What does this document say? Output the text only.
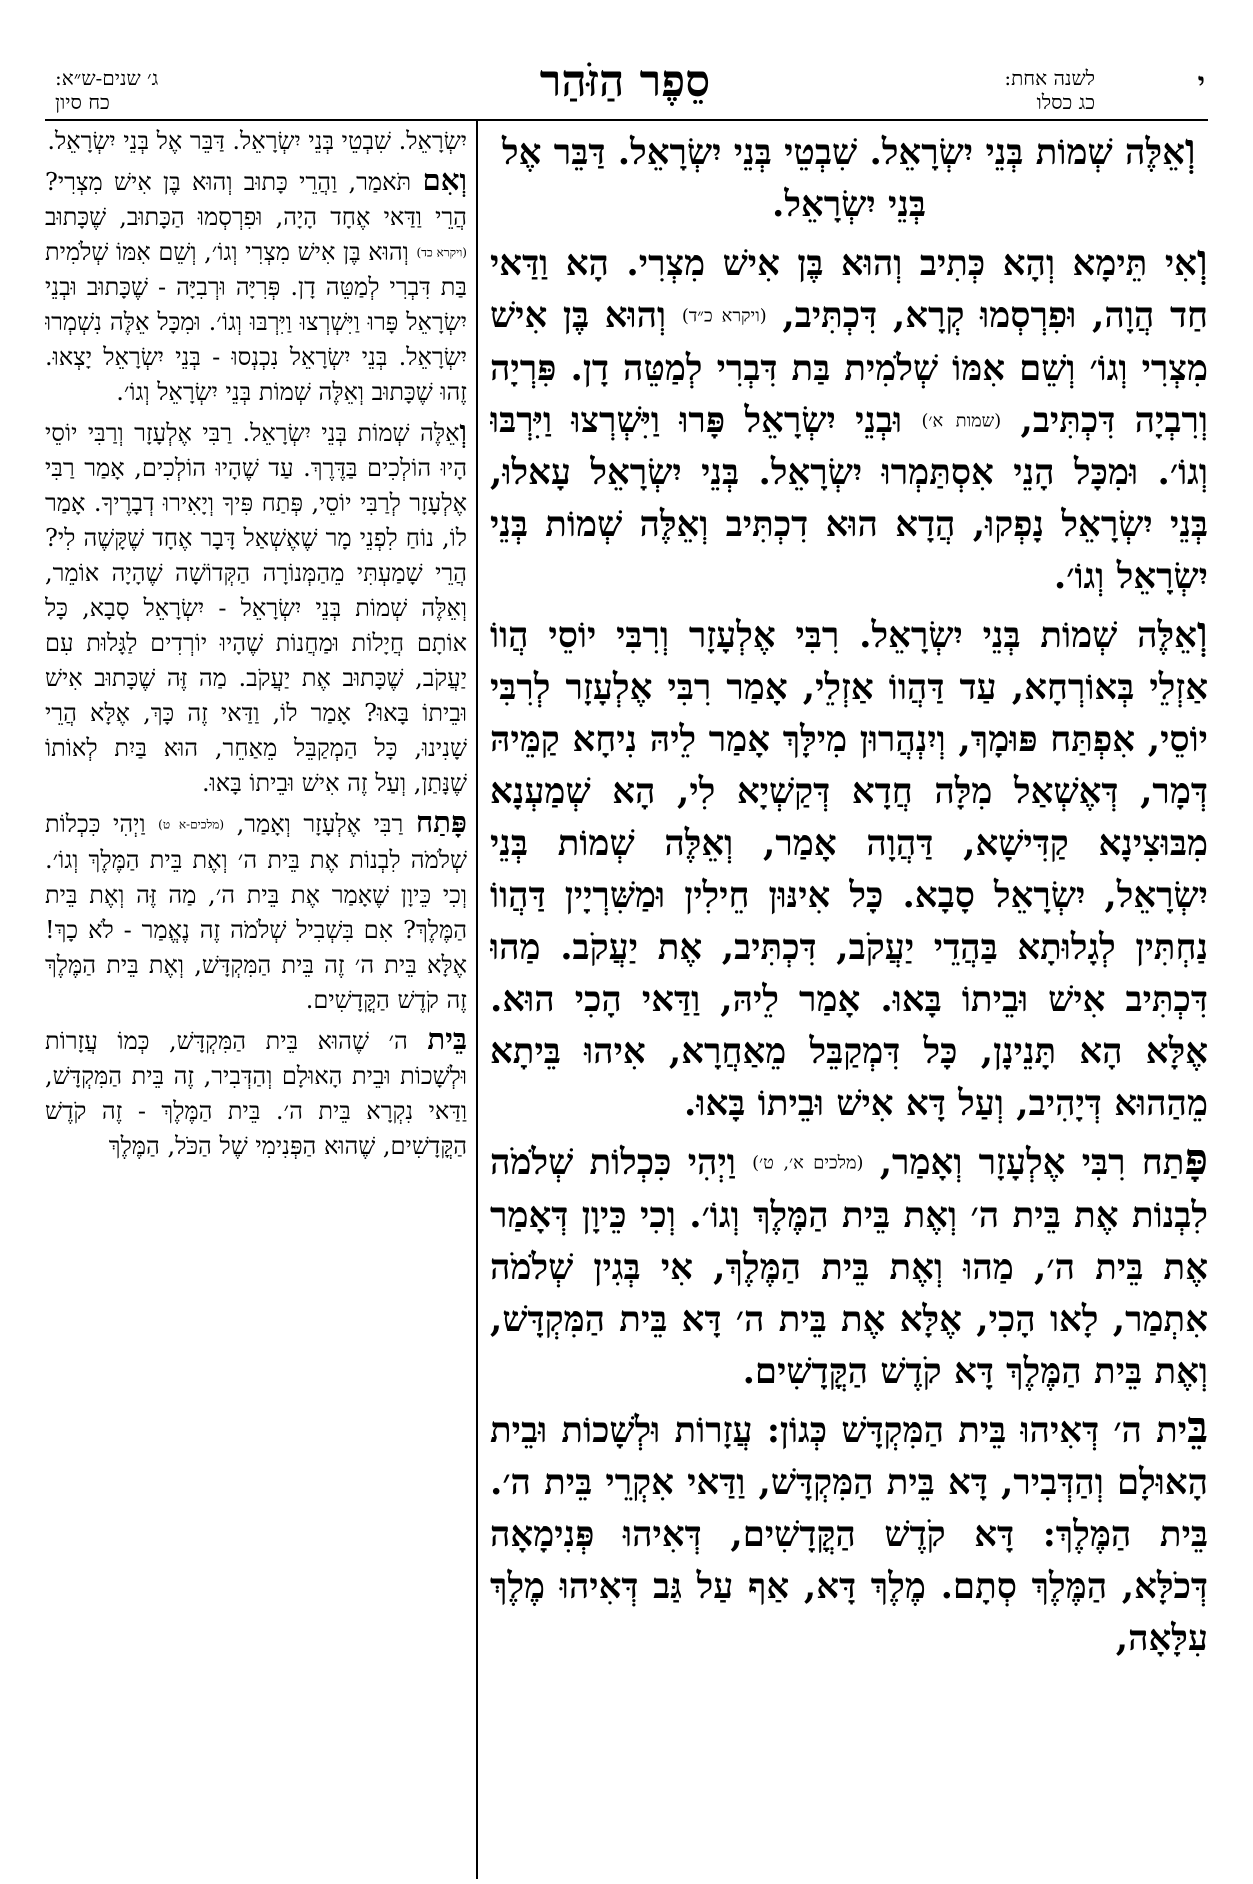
י
לשנה אחת:
כג כסלו
סֵפֶר הַזֹּהַר
ג׳ שנים-ש״א:
כח סיון

וְאֵלֶּה שְׁמוֹת בְּנֵי יִשְׂרָאֵל. שִׁבְטֵי בְּנֵי יִשְׂרָאֵל. דַּבֵּר אֶל בְּנֵי יִשְׂרָאֵל.

וְאִי תֵּימָא וְהָא כְּתִיב וְהוּא בֶּן אִישׁ מִצְרִי. הָא וַדַּאי חַד הֲוָה, וּפִרְסְמוּ קְרָא, דִּכְתִּיב, (ויקרא כ״ד) וְהוּא בֶּן אִישׁ מִצְרִי וְגוֹ׳ וְשֵׁם אִמּוֹ שְׁלֹמִית בַּת דִּבְרִי לְמַטֵּה דָן. פִּרְיָה וְרִבְיָה דִּכְתִּיב, (שמות א׳) וּבְנֵי יִשְׂרָאֵל פָּרוּ וַיִּשְׁרְצוּ וַיִּרְבּוּ וְגוֹ׳. וּמִכָּל הָנֵי אִסְתַּמְרוּ יִשְׂרָאֵל. בְּנֵי יִשְׂרָאֵל עָאלוּ, בְּנֵי יִשְׂרָאֵל נָפְקוּ, הֲדָא הוּא דִכְתִּיב וְאֵלֶּה שְׁמוֹת בְּנֵי יִשְׂרָאֵל וְגוֹ׳.

וְאֵלֶּה שְׁמוֹת בְּנֵי יִשְׂרָאֵל. רִבִּי אֶלְעָזָר וְרִבִּי יוֹסֵי הֲווֹ אַזְלֵי בְּאוֹרְחָא, עַד דַּהֲווֹ אַזְלֵי, אָמַר רִבִּי אֶלְעָזָר לְרִבִּי יוֹסֵי, אִפְתַּח פּוּמָךְ, וְיִנְהֲרוּן מִילָּךְ אָמַר לֵיהּ נִיחָא קַמֵּיהּ דְּמָר, דְּאֶשְׁאַל מִלָּה חֲדָא דְּקַשְׁיָא לִי, הָא שְׁמַעְנָא מִבּוּצִינָא קַדִּישָׁא, דַּהֲוָה אָמַר, וְאֵלֶּה שְׁמוֹת בְּנֵי יִשְׂרָאֵל, יִשְׂרָאֵל סָבָא. כָּל אִינּוּן חֵילִין וּמַשִּׁרְיָין דַּהֲווֹ נַחְתִּין לְגָלוּתָא בַּהֲדֵי יַעֲקֹב, דִּכְתִּיב, אֶת יַעֲקֹב. מַהוּ דִּכְתִּיב אִישׁ וּבֵיתוֹ בָּאוּ. אָמַר לֵיהּ, וַדַּאי הָכִי הוּא. אֶלָּא הָא תָּנֵינָן, כָּל דִּמְקַבֵּל מֵאַחֲרָא, אִיהוּ בֵּיתָא מֵהַהוּא דְּיָהִיב, וְעַל דָּא אִישׁ וּבֵיתוֹ בָּאוּ.

פָּתַח רִבִּי אֶלְעָזָר וְאָמַר, (מלכים א׳, ט׳) וַיְהִי כִּכְלוֹת שְׁלֹמֹה לִבְנוֹת אֶת בֵּית ה׳ וְאֶת בֵּית הַמֶּלֶךְ וְגוֹ׳. וְכִי כֵּיוָן דְּאָמַר אֶת בֵּית ה׳, מַהוּ וְאֶת בֵּית הַמֶּלֶךְ, אִי בְּגִין שְׁלֹמֹה אִתְמַר, לָאו הָכִי, אֶלָּא אֶת בֵּית ה׳ דָּא בֵּית הַמִּקְדָּשׁ, וְאֶת בֵּית הַמֶּלֶךְ דָּא קֹדֶשׁ הַקֳּדָשִׁים.

בֵּית ה׳ דְּאִיהוּ בֵּית הַמִּקְדָּשׁ כְּגוֹן: עֲזָרוֹת וּלְשָׁכוֹת וּבֵית הָאוּלָם וְהַדְּבִיר, דָּא בֵּית הַמִּקְדָּשׁ, וַדַּאי אִקְרֵי בֵּית ה׳. בֵּית הַמֶּלֶךְ: דָּא קֹדֶשׁ הַקֳּדָשִׁים, דְּאִיהוּ פְּנִימָאָה דְּכֹלָּא, הַמֶּלֶךְ סְתָם. מֶלֶךְ דָּא, אַף עַל גַּב דְּאִיהוּ מֶלֶךְ עִלָּאָה,

יִשְׂרָאֵל. שִׁבְטֵי בְּנֵי יִשְׂרָאֵל. דַּבֵּר אֶל בְּנֵי יִשְׂרָאֵל.

וְאִם תֹּאמַר, וַהֲרֵי כָּתוּב וְהוּא בֶּן אִישׁ מִצְרִי? הֲרֵי וַדַּאי אֶחָד הָיָה, וּפִרְסְמוּ הַכָּתוּב, שֶׁכָּתוּב (ויקרא כד) וְהוּא בֶּן אִישׁ מִצְרִי וְגוֹ׳, וְשֵׁם אִמּוֹ שְׁלֹמִית בַּת דִּבְרִי לְמַטֵּה דָן. פְּרִיָּה וּרְבִיָּה - שֶׁכָּתוּב וּבְנֵי יִשְׂרָאֵל פָּרוּ וַיִּשְׁרְצוּ וַיִּרְבּוּ וְגוֹ׳. וּמִכָּל אֵלֶּה נִשְׁמְרוּ יִשְׂרָאֵל. בְּנֵי יִשְׂרָאֵל נִכְנְסוּ - בְּנֵי יִשְׂרָאֵל יָצְאוּ. זֶהוּ שֶׁכָּתוּב וְאֵלֶּה שְׁמוֹת בְּנֵי יִשְׂרָאֵל וְגוֹ׳.

וְאֵלֶּה שְׁמוֹת בְּנֵי יִשְׂרָאֵל. רַבִּי אֶלְעָזָר וְרַבִּי יוֹסֵי הָיוּ הוֹלְכִים בַּדֶּרֶךְ. עַד שֶׁהָיוּ הוֹלְכִים, אָמַר רַבִּי אֶלְעָזָר לְרַבִּי יוֹסֵי, פְּתַח פִּיךָ וְיָאִירוּ דְבָרֶיךָ. אָמַר לוֹ, נוֹחַ לִפְנֵי מָר שֶׁאֶשְׁאַל דָּבָר אֶחָד שֶׁקָּשֶׁה לִי? הֲרֵי שָׁמַעְתִּי מֵהַמְּנוֹרָה הַקְּדוֹשָׁה שֶׁהָיָה אוֹמֵר, וְאֵלֶּה שְׁמוֹת בְּנֵי יִשְׂרָאֵל - יִשְׂרָאֵל סָבָא, כָּל אוֹתָם חֲיָלוֹת וּמַחֲנוֹת שֶׁהָיוּ יוֹרְדִים לַגָּלוּת עִם יַעֲקֹב, שֶׁכָּתוּב אֶת יַעֲקֹב. מַה זֶּה שֶׁכָּתוּב אִישׁ וּבֵיתוֹ בָּאוּ? אָמַר לוֹ, וַדַּאי זֶה כָּךְ, אֶלָּא הֲרֵי שָׁנִינוּ, כָּל הַמְקַבֵּל מֵאַחֵר, הוּא בַּיִת לְאוֹתוֹ שֶׁנָּתַן, וְעַל זֶה אִישׁ וּבֵיתוֹ בָּאוּ.

פָּתַח רַבִּי אֶלְעָזָר וְאָמַר, (מלכים-א ט) וַיְהִי כִּכְלוֹת שְׁלֹמֹה לִבְנוֹת אֶת בֵּית ה׳ וְאֶת בֵּית הַמֶּלֶךְ וְגוֹ׳. וְכִי כֵּיוָן שֶׁאָמַר אֶת בֵּית ה׳, מַה זֶּה וְאֶת בֵּית הַמֶּלֶךְ? אִם בִּשְׁבִיל שְׁלֹמֹה זֶה נֶאֱמַר - לֹא כָךְ! אֶלָּא בֵּית ה׳ זֶה בֵּית הַמִּקְדָּשׁ, וְאֶת בֵּית הַמֶּלֶךְ זֶה קֹדֶשׁ הַקֳּדָשִׁים.

בֵּית ה׳ שֶׁהוּא בֵּית הַמִּקְדָּשׁ, כְּמוֹ עֲזָרוֹת וּלְשָׁכוֹת וּבֵית הָאוּלָם וְהַדְּבִיר, זֶה בֵּית הַמִּקְדָּשׁ, וַדַּאי נִקְרָא בֵּית ה׳. בֵּית הַמֶּלֶךְ - זֶה קֹדֶשׁ הַקֳּדָשִׁים, שֶׁהוּא הַפְּנִימִי שֶׁל הַכֹּל, הַמֶּלֶךְ
